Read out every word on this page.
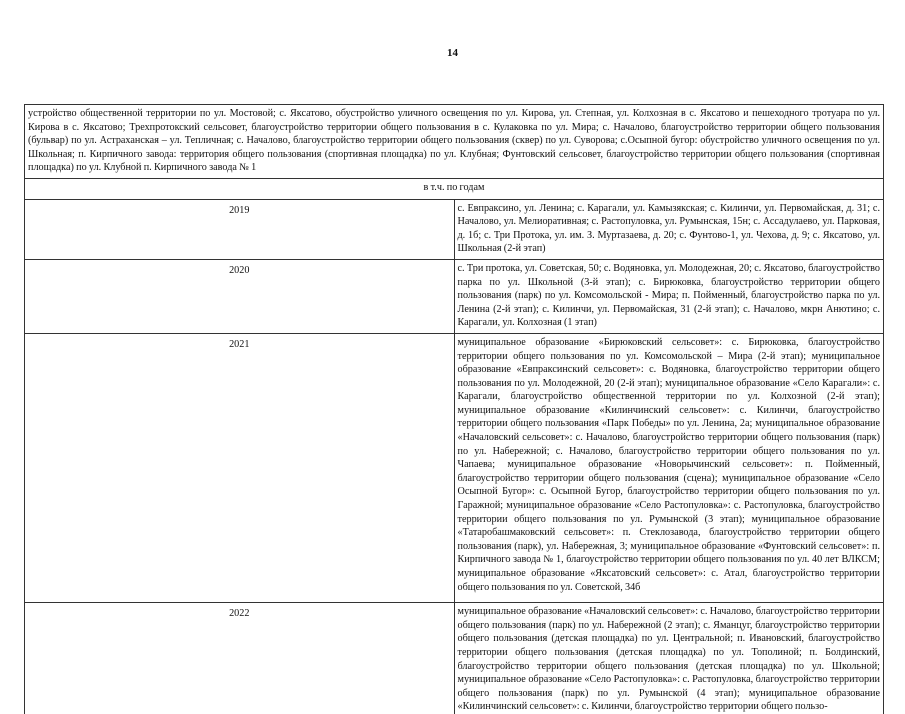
14
устройство общественной территории по ул. Мостовой; с. Яксатово, обустройство уличного освещения по ул. Кирова, ул. Степная, ул. Колхозная в с. Яксатово и пешеходного тротуара по ул. Кирова в с. Яксатово; Трехпротокский сельсовет, благоустройство территории общего пользования в с. Кулаковка по ул. Мира; с. Началово, благоустройство территории общего пользования (бульвар) по ул. Астраханская – ул. Тепличная; с. Началово, благоустройство территории общего пользования (сквер) по ул. Суворова; с.Осыпной бугор: обустройство уличного освещения по ул. Школьная; п. Кирпичного завода: территория общего пользования (спортивная площадка) по ул. Клубная; Фунтовский сельсовет, благоустройство территории общего пользования (спортивная площадка) по ул. Клубной п. Кирпичного завода № 1	
в т.ч. по годам	
2019	с. Евпраксино, ул. Ленина; с. Карагали, ул. Камызякская; с. Килинчи, ул. Первомайская, д. 31; с. Началово, ул. Мелиоративная; с. Растопуловка, ул. Румынская, 15н; с. Ассадулаево, ул. Парковая, д. 1б; с. Три Протока, ул. им. З. Муртазаева, д. 20; с. Фунтово-1, ул. Чехова, д. 9; с. Яксатово, ул. Школьная (2-й этап)
2020	с. Три протока, ул. Советская, 50; с. Водяновка, ул. Молодежная, 20; с. Яксатово, благоустройство парка по ул. Школьной (3-й этап); с. Бирюковка, благоустройство территории общего пользования (парк) по ул. Комсомольской - Мира; п. Пойменный, благоустройство парка по ул. Ленина (2-й этап); с. Килинчи, ул. Первомайская, 31 (2-й этап); с. Началово, мкрн Анютино; с. Карагали, ул. Колхозная (1 этап)
2021	муниципальное образование «Бирюковский сельсовет»: с. Бирюковка, благоустройство территории общего пользования по ул. Комсомольской – Мира (2-й этап); муниципальное образование «Евпраксинский сельсовет»: с. Водяновка, благоустройство территории общего пользования по ул. Молодежной, 20 (2-й этап); муниципальное образование «Село Карагали»: с. Карагали, благоустройство общественной территории по ул. Колхозной (2-й этап); муниципальное образование «Килинчинский сельсовет»: с. Килинчи, благоустройство территории общего пользования «Парк Победы» по ул. Ленина, 2а; муниципальное образование «Началовский сельсовет»: с. Началово, благоустройство территории общего пользования (парк) по ул. Набережной; с. Началово, благоустройство территории общего пользования по ул. Чапаева; муниципальное образование «Новорычинский сельсовет»: п. Пойменный, благоустройство территории общего пользования (сцена); муниципальное образование «Село Осыпной Бугор»: с. Осыпной Бугор, благоустройство территории общего пользования по ул. Гаражной; муниципальное образование «Село Растопуловка»: с. Растопуловка, благоустройство территории общего пользования по ул. Румынской (3 этап); муниципальное образование «Татаробашмаковский сельсовет»: п. Стеклозавода, благоустройство территории общего пользования (парк), ул. Набережная, 3; муниципальное образование «Фунтовский сельсовет»: п. Кирпичного завода № 1, благоустройство территории общего пользования по ул. 40 лет ВЛКСМ; муниципальное образование «Яксатовский сельсовет»: с. Атал, благоустройство территории общего пользования по ул. Советской, 34б
2022	муниципальное образование «Началовский сельсовет»: с. Началово, благоустройство территории общего пользования (парк) по ул. Набережной (2 этап); с. Яманцуг, благоустройство территории общего пользования (детская площадка) по ул. Центральной; п. Ивановский, благоустройство территории общего пользования (детская площадка) по ул. Тополиной; п. Болдинский, благоустройство территории общего пользования (детская площадка) по ул. Школьной; муниципальное образование «Село Растопуловка»: с. Растопуловка, благоустройство территории общего пользования (парк) по ул. Румынской (4 этап); муниципальное образование «Килинчинский сельсовет»: с. Килинчи, благоустройство территории общего пользо-
